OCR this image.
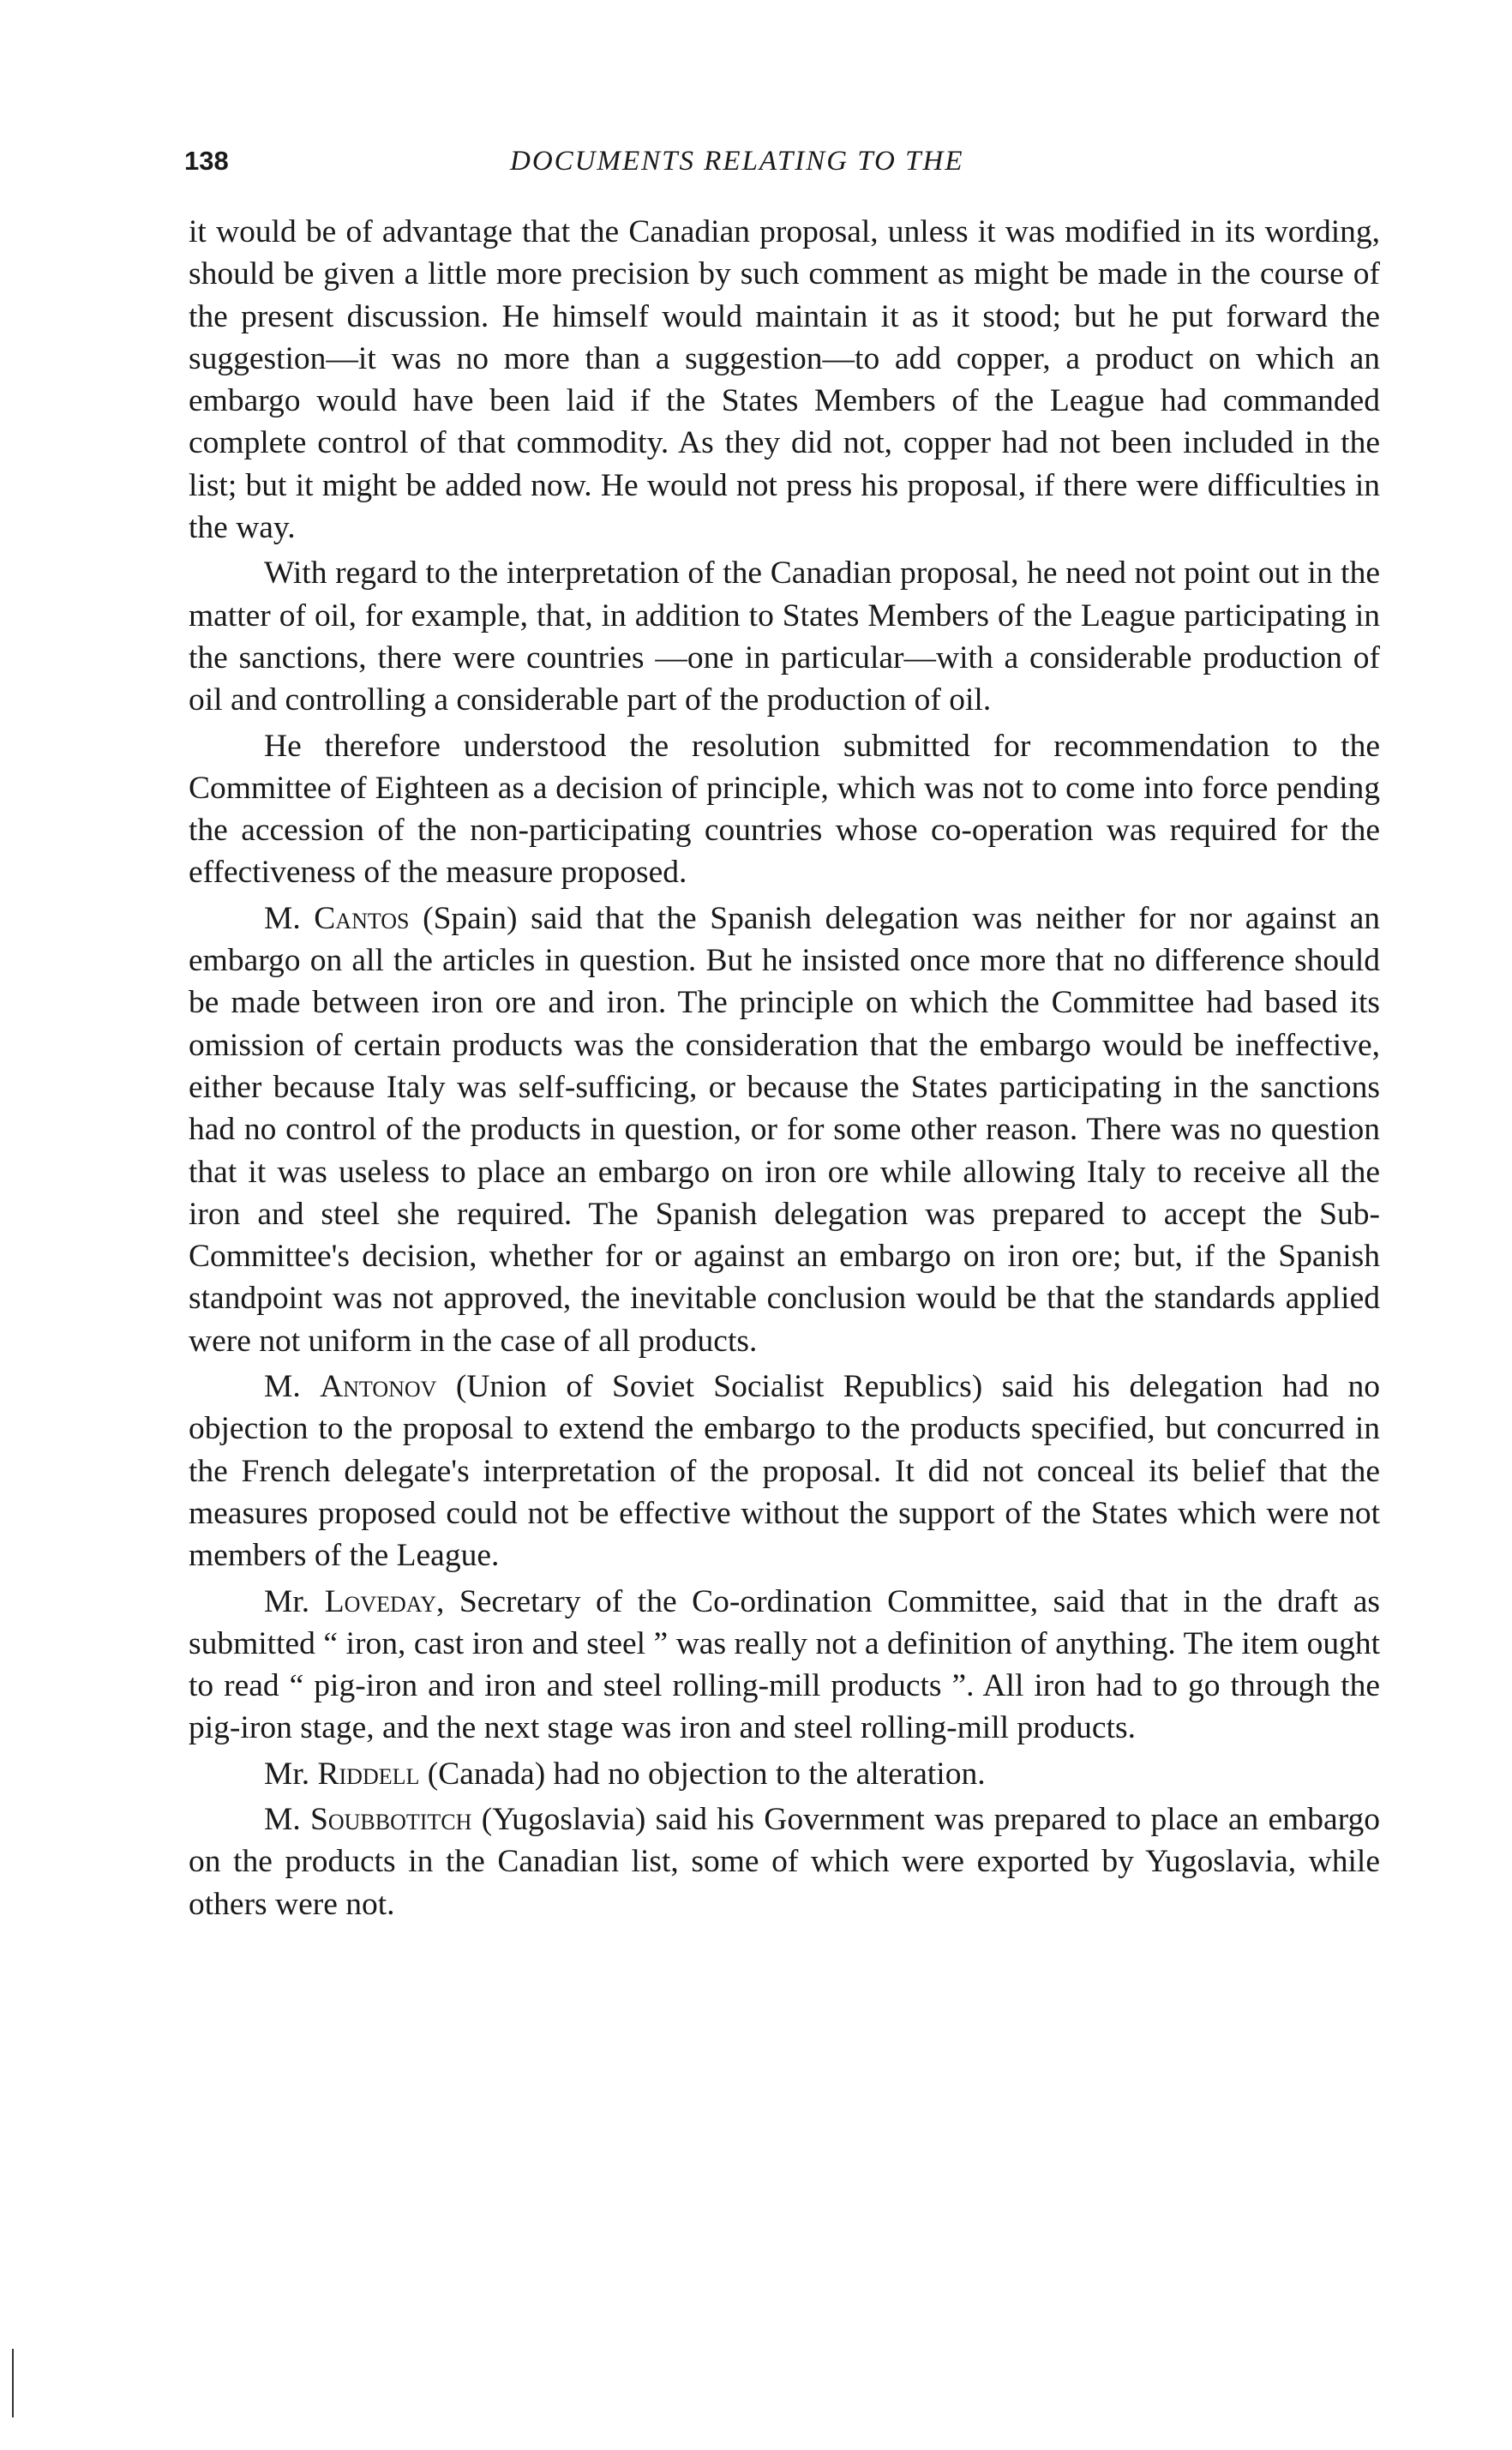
138	DOCUMENTS RELATING TO THE

it would be of advantage that the Canadian proposal, unless it was modified in its wording, should be given a little more precision by such comment as might be made in the course of the present discussion. He himself would maintain it as it stood; but he put forward the suggestion—it was no more than a suggestion—to add copper, a product on which an embargo would have been laid if the States Members of the League had commanded complete control of that commodity. As they did not, copper had not been included in the list; but it might be added now. He would not press his proposal, if there were difficulties in the way.

With regard to the interpretation of the Canadian proposal, he need not point out in the matter of oil, for example, that, in addition to States Members of the League participating in the sanctions, there were countries —one in particular—with a considerable production of oil and controlling a considerable part of the production of oil.

He therefore understood the resolution submitted for recommendation to the Committee of Eighteen as a decision of principle, which was not to come into force pending the accession of the non-participating countries whose co-operation was required for the effectiveness of the measure proposed.

M. Cantos (Spain) said that the Spanish delegation was neither for nor against an embargo on all the articles in question. But he insisted once more that no difference should be made between iron ore and iron. The principle on which the Committee had based its omission of certain products was the consideration that the embargo would be ineffective, either because Italy was self-sufficing, or because the States participating in the sanctions had no control of the products in question, or for some other reason. There was no question that it was useless to place an embargo on iron ore while allowing Italy to receive all the iron and steel she required. The Spanish delegation was prepared to accept the Sub-Committee's decision, whether for or against an embargo on iron ore; but, if the Spanish standpoint was not approved, the inevitable conclusion would be that the standards applied were not uniform in the case of all products.

M. Antonov (Union of Soviet Socialist Republics) said his delegation had no objection to the proposal to extend the embargo to the products specified, but concurred in the French delegate's interpretation of the proposal. It did not conceal its belief that the measures proposed could not be effective without the support of the States which were not members of the League.

Mr. Loveday, Secretary of the Co-ordination Committee, said that in the draft as submitted “ iron, cast iron and steel ” was really not a definition of anything. The item ought to read “ pig-iron and iron and steel rolling-mill products ”. All iron had to go through the pig-iron stage, and the next stage was iron and steel rolling-mill products.

Mr. Riddell (Canada) had no objection to the alteration.

M. Soubbotitch (Yugoslavia) said his Government was prepared to place an embargo on the products in the Canadian list, some of which were exported by Yugoslavia, while others were not.
